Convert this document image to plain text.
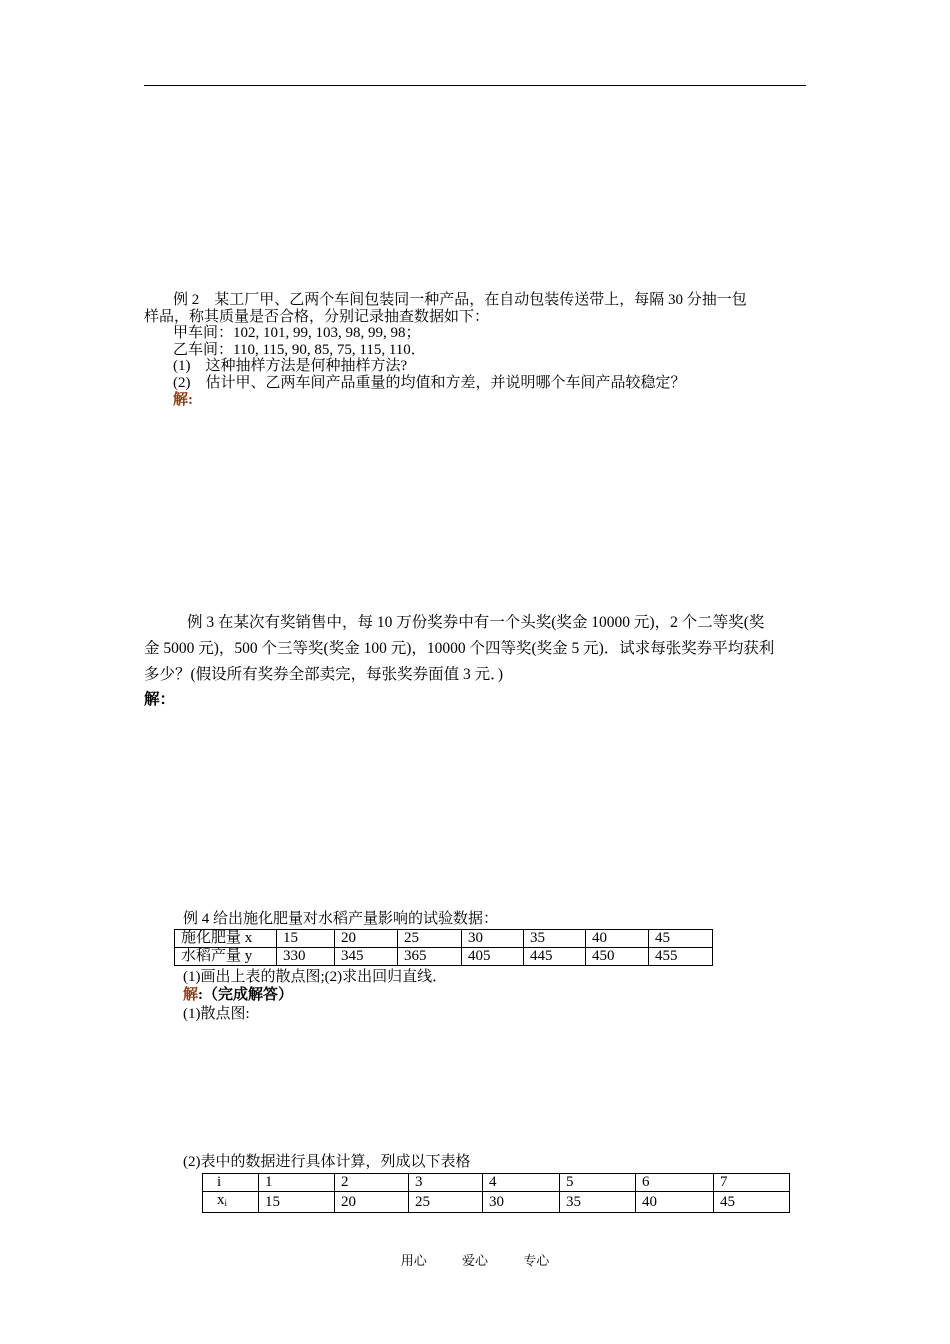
例 2　某工厂甲、乙两个车间包装同一种产品，在自动包装传送带上，每隔 30 分抽一包
样品，称其质量是否合格，分别记录抽查数据如下：
甲车间：102, 101, 99, 103, 98, 99, 98；
乙车间：110, 115, 90, 85, 75, 115, 110．
(1)　这种抽样方法是何种抽样方法?
(2)　估计甲、乙两车间产品重量的均值和方差，并说明哪个车间产品较稳定？
解:
例 3 在某次有奖销售中，每 10 万份奖券中有一个头奖(奖金 10000 元)，2 个二等奖(奖
金 5000 元)，500 个三等奖(奖金 100 元)，10000 个四等奖(奖金 5 元)．试求每张奖券平均获利
多少？(假设所有奖券全部卖完，每张奖券面值 3 元．)
解：
例 4 给出施化肥量对水稻产量影响的试验数据：
施化肥量 x	15	20	25	30	35	40	45
水稻产量 y	330	345	365	405	445	450	455
(1)画出上表的散点图;(2)求出回归直线．
解:（完成解答）
(1)散点图:
(2)表中的数据进行具体计算，列成以下表格
i	1	2	3	4	5	6	7
$x_i$	15	20	25	30	35	40	45
用心	爱心	专心
